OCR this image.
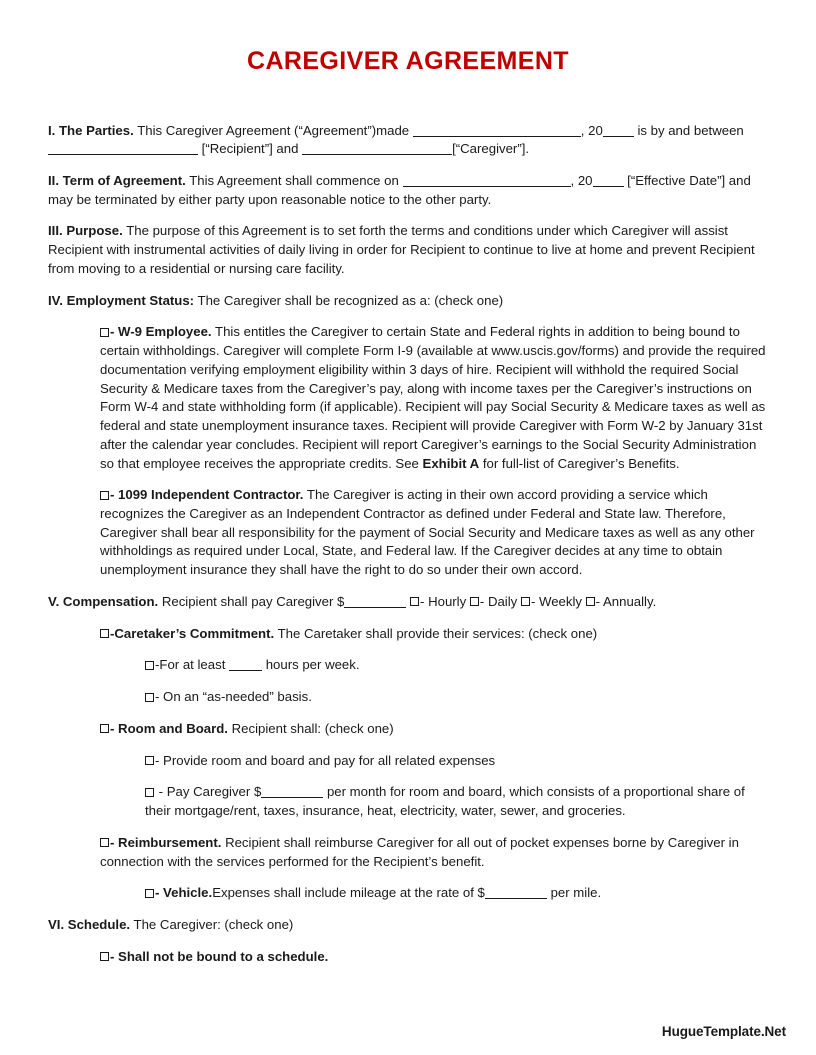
CAREGIVER AGREEMENT

I. The Parties. This Caregiver Agreement (“Agreement”)made	, 20 is by and between  [“Recipient”] and	[“Caregiver”].

II. Term of Agreement. This Agreement shall commence on	, 20 [“Effective Date”] and may be terminated by either party upon reasonable notice to the other party.

III. Purpose. The purpose of this Agreement is to set forth the terms and conditions under which Caregiver will assist Recipient with instrumental activities of daily living in order for Recipient to continue to live at home and prevent Recipient from moving to a residential or nursing care facility.

IV. Employment Status: The Caregiver shall be recognized as a: (check one)

- W-9 Employee. This entitles the Caregiver to certain State and Federal rights in addition to being bound to certain withholdings. Caregiver will complete Form I-9 (available at www.uscis.gov/forms) and provide the required documentation verifying employment eligibility within 3 days of hire. Recipient will withhold the required Social Security & Medicare taxes from the Caregiver’s pay, along with income taxes per the Caregiver’s instructions on Form W-4 and state withholding form (if applicable). Recipient will pay Social Security & Medicare taxes as well as federal and state unemployment insurance taxes. Recipient will provide Caregiver with Form W-2 by January 31st after the calendar year concludes. Recipient will report Caregiver’s earnings to the Social Security Administration so that employee receives the appropriate credits. See Exhibit A for full-list of Caregiver’s Benefits.

- 1099 Independent Contractor. The Caregiver is acting in their own accord providing a service which recognizes the Caregiver as an Independent Contractor as defined under Federal and State law. Therefore, Caregiver shall bear all responsibility for the payment of Social Security and Medicare taxes as well as any other withholdings as required under Local, State, and Federal law. If the Caregiver decides at any time to obtain unemployment insurance they shall have the right to do so under their own accord.

V. Compensation. Recipient shall pay Caregiver $	- Hourly - Daily - Weekly - Annually.

-Caretaker’s Commitment. The Caretaker shall provide their services: (check one)

-For at least	hours per week.

- On an “as-needed” basis.

- Room and Board. Recipient shall: (check one)

- Provide room and board and pay for all related expenses

- Pay Caregiver $	per month for room and board, which consists of a proportional share of their mortgage/rent, taxes, insurance, heat, electricity, water, sewer, and groceries.

- Reimbursement. Recipient shall reimburse Caregiver for all out of pocket expenses borne by Caregiver in connection with the services performed for the Recipient’s benefit.

- Vehicle.Expenses shall include mileage at the rate of $	per mile.

VI. Schedule. The Caregiver: (check one)

- Shall not be bound to a schedule.

HugueTemplate.Net
